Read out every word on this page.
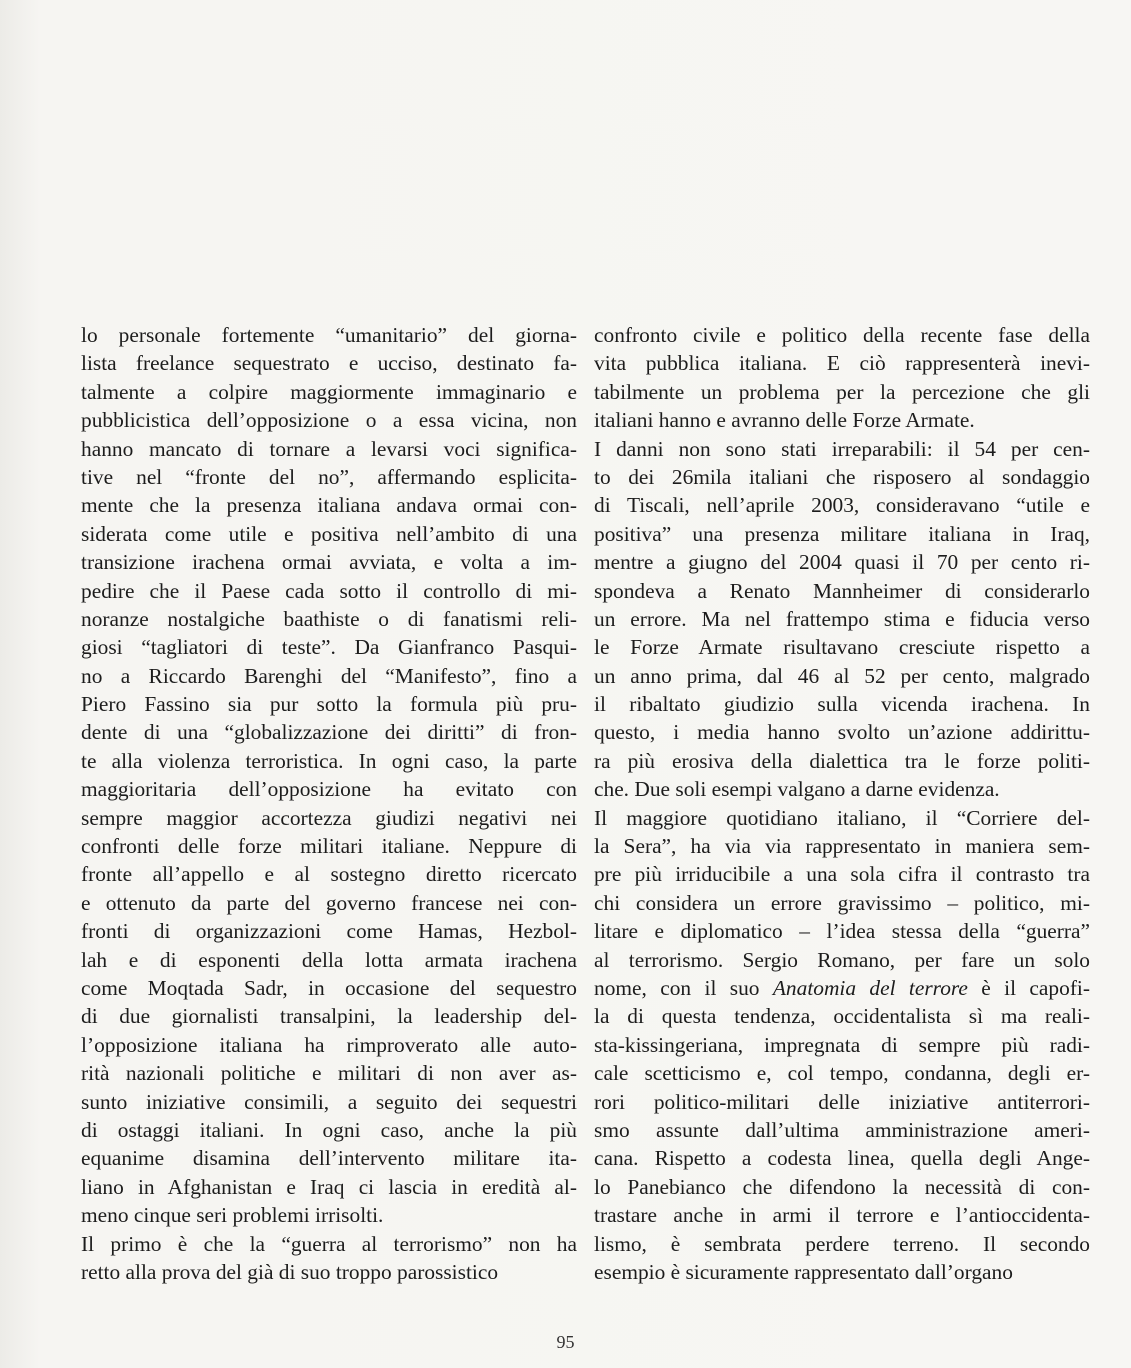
lo personale fortemente “umanitario” del giorna-
lista freelance sequestrato e ucciso, destinato fa-
talmente a colpire maggiormente immaginario e
pubblicistica dell’opposizione o a essa vicina, non
hanno mancato di tornare a levarsi voci significa-
tive nel “fronte del no”, affermando esplicita-
mente che la presenza italiana andava ormai con-
siderata come utile e positiva nell’ambito di una
transizione irachena ormai avviata, e volta a im-
pedire che il Paese cada sotto il controllo di mi-
noranze nostalgiche baathiste o di fanatismi reli-
giosi “tagliatori di teste”. Da Gianfranco Pasqui-
no a Riccardo Barenghi del “Manifesto”, fino a
Piero Fassino sia pur sotto la formula più pru-
dente di una “globalizzazione dei diritti” di fron-
te alla violenza terroristica. In ogni caso, la parte
maggioritaria dell’opposizione ha evitato con
sempre maggior accortezza giudizi negativi nei
confronti delle forze militari italiane. Neppure di
fronte all’appello e al sostegno diretto ricercato
e ottenuto da parte del governo francese nei con-
fronti di organizzazioni come Hamas, Hezbol-
lah e di esponenti della lotta armata irachena
come Moqtada Sadr, in occasione del sequestro
di due giornalisti transalpini, la leadership del-
l’opposizione italiana ha rimproverato alle auto-
rità nazionali politiche e militari di non aver as-
sunto iniziative consimili, a seguito dei sequestri
di ostaggi italiani. In ogni caso, anche la più
equanime disamina dell’intervento militare ita-
liano in Afghanistan e Iraq ci lascia in eredità al-
meno cinque seri problemi irrisolti.
Il primo è che la “guerra al terrorismo” non ha
retto alla prova del già di suo troppo parossistico
confronto civile e politico della recente fase della
vita pubblica italiana. E ciò rappresenterà inevi-
tabilmente un problema per la percezione che gli
italiani hanno e avranno delle Forze Armate.
I danni non sono stati irreparabili: il 54 per cen-
to dei 26mila italiani che risposero al sondaggio
di Tiscali, nell’aprile 2003, consideravano “utile e
positiva” una presenza militare italiana in Iraq,
mentre a giugno del 2004 quasi il 70 per cento ri-
spondeva a Renato Mannheimer di considerarlo
un errore. Ma nel frattempo stima e fiducia verso
le Forze Armate risultavano cresciute rispetto a
un anno prima, dal 46 al 52 per cento, malgrado
il ribaltato giudizio sulla vicenda irachena. In
questo, i media hanno svolto un’azione addirittu-
ra più erosiva della dialettica tra le forze politi-
che. Due soli esempi valgano a darne evidenza.
Il maggiore quotidiano italiano, il “Corriere del-
la Sera”, ha via via rappresentato in maniera sem-
pre più irriducibile a una sola cifra il contrasto tra
chi considera un errore gravissimo – politico, mi-
litare e diplomatico – l’idea stessa della “guerra”
al terrorismo. Sergio Romano, per fare un solo
nome, con il suo Anatomia del terrore è il capofi-
la di questa tendenza, occidentalista sì ma reali-
sta-kissingeriana, impregnata di sempre più radi-
cale scetticismo e, col tempo, condanna, degli er-
rori politico-militari delle iniziative antiterrori-
smo assunte dall’ultima amministrazione ameri-
cana. Rispetto a codesta linea, quella degli Ange-
lo Panebianco che difendono la necessità di con-
trastare anche in armi il terrore e l’antioccidenta-
lismo, è sembrata perdere terreno. Il secondo
esempio è sicuramente rappresentato dall’organo
95
